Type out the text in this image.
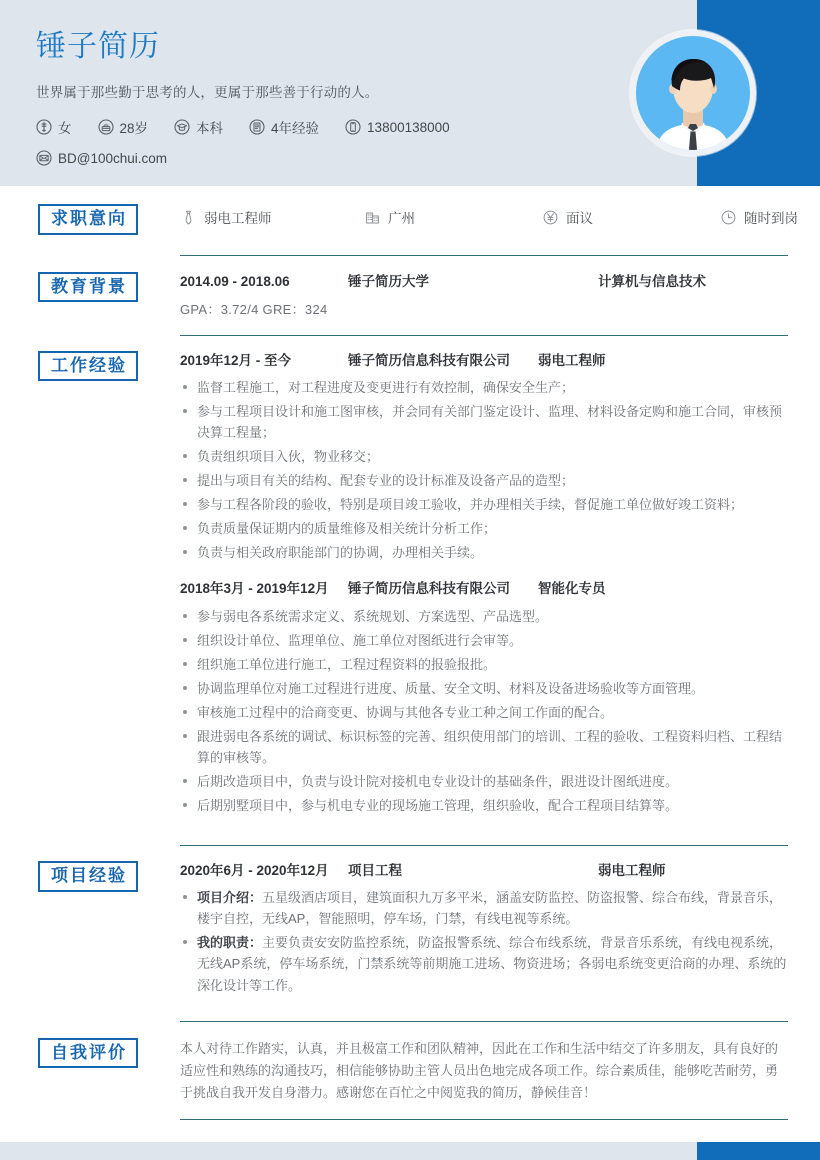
锤子简历
世界属于那些勤于思考的人，更属于那些善于行动的人。
女	28岁	本科	4年经验	13800138000
BD@100chui.com
求职意向	弱电工程师	广州	面议	随时到岗
教育背景	2014.09 - 2018.06	锤子简历大学	计算机与信息技术
GPA：3.72/4 GRE：324
工作经验	2019年12月 - 至今	锤子简历信息科技有限公司	弱电工程师
监督工程施工，对工程进度及变更进行有效控制，确保安全生产；
参与工程项目设计和施工图审核，并会同有关部门鉴定设计、监理、材料设备定购和施工合同，审核预决算工程量；
负责组织项目入伙，物业移交；
提出与项目有关的结构、配套专业的设计标准及设备产品的造型；
参与工程各阶段的验收，特别是项目竣工验收，并办理相关手续，督促施工单位做好竣工资料；
负责质量保证期内的质量维修及相关统计分析工作；
负责与相关政府职能部门的协调，办理相关手续。
2018年3月 - 2019年12月	锤子简历信息科技有限公司	智能化专员
参与弱电各系统需求定义、系统规划、方案选型、产品选型。
组织设计单位、监理单位、施工单位对图纸进行会审等。
组织施工单位进行施工，工程过程资料的报验报批。
协调监理单位对施工过程进行进度、质量、安全文明、材料及设备进场验收等方面管理。
审核施工过程中的洽商变更、协调与其他各专业工种之间工作面的配合。
跟进弱电各系统的调试、标识标签的完善、组织使用部门的培训、工程的验收、工程资料归档、工程结算的审核等。
后期改造项目中，负责与设计院对接机电专业设计的基础条件，跟进设计图纸进度。
后期别墅项目中，参与机电专业的现场施工管理，组织验收，配合工程项目结算等。
项目经验	2020年6月 - 2020年12月	项目工程	弱电工程师
项目介绍：五星级酒店项目，建筑面积九万多平米，涵盖安防监控、防盗报警、综合布线，背景音乐，楼宇自控，无线AP，智能照明，停车场，门禁，有线电视等系统。
我的职责：主要负责安安防监控系统，防盗报警系统、综合布线系统，背景音乐系统，有线电视系统，无线AP系统，停车场系统，门禁系统等前期施工进场、物资进场；各弱电系统变更洽商的办理、系统的深化设计等工作。
自我评价	本人对待工作踏实，认真，并且极富工作和团队精神，因此在工作和生活中结交了许多朋友，具有良好的适应性和熟练的沟通技巧，相信能够协助主管人员出色地完成各项工作。综合素质佳，能够吃苦耐劳，勇于挑战自我开发自身潜力。感谢您在百忙之中阅览我的简历，静候佳音！
